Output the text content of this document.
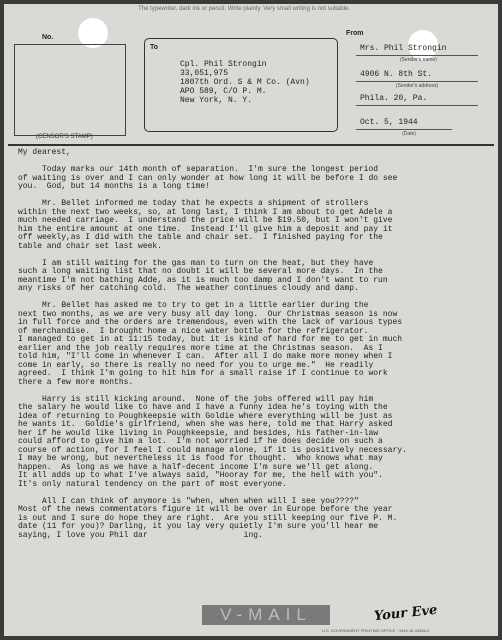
The typewriter, dark ink or pencil. Write plainly. Very small writing is not suitable.
No.
(CENSOR'S STAMP)
To
Cpl. Phil Strongin
33,051,975
1807th Ord. S & M Co. (Avn)
APO 589, C/O P. M.
New York, N. Y.
From
Mrs. Phil Strongin
(Sender's name)
4906 N. 8th St.
(Sender's address)
Phila. 20, Pa.
Oct. 5, 1944
(Date)
My dearest,
Today marks our 14th month of separation.  I'm sure the longest period
of waiting is over and I can only wonder at how long it will be before I do see
you.  God, but 14 months is a long time!
Mr. Bellet informed me today that he expects a shipment of strollers
within the next two weeks, so, at long last, I think I am about to get Adele a
much needed carriage.  I understand the price will be $19.50, but I won't give
him the entire amount at one time.  Instead I'll give him a deposit and pay it
off weekly,as I did with the table and chair set.  I finished paying for the
table and chair set last week.
I am still waiting for the gas man to turn on the heat, but they have
such a long waiting list that no doubt it will be several more days.  In the
meantime I'm not bathing Adde, as it is much too damp and I don't want to run
any risks of her catching cold.  The weather continues cloudy and damp.
Mr. Bellet has asked me to try to get in a little earlier during the
next two months, as we are very busy all day long.  Our Christmas season is now
in full force and the orders are tremendous, even with the lack of various types
of merchandise.  I brought home a nice water bottle for the refrigerator.
I managed to get in at 11:15 today, but it is kind of hard for me to get in much
earlier and the job really requires more time at the Christmas season.  As I
told him, "I'll come in whenever I can.  After all I do make more money when I
come in early, so there is really no need for you to urge me."  He readily
agreed.  I think I'm going to hit him for a small raise if I continue to work
there a few more months.
Harry is still kicking around.  None of the jobs offered will pay him
the salary he would like to have and I have a funny idea he's toying with the
idea of returning to Poughkeepsie with Goldie where everything will be just as
he wants it.  Goldie's girlfriend, when she was here, told me that Harry asked
her if he would like living in Poughkeepsie, and besides, his father-in-law
could afford to give him a lot.  I'm not worried if he does decide on such a
course of action, for I feel I could manage alone, if it is positively necessary.
I may be wrong, but nevertheless it is food for thought.  Who knows what may
happen.  As long as we have a half-decent income I'm sure we'll get along.
It all adds up to what I've always said, "Hooray for me, the hell with you".
It's only natural tendency on the part of most everyone.
All I can think of anymore is "when, when when will I see you????"
Most of the news commentators figure it will be over in Europe before the year
is out and I sure do hope they are right.  Are you still keeping our five P. M.
date (11 for you)? Darling, it you lay very quietly I'm sure you'll hear me
saying, I love you Phil dar                    ing.
V-MAIL	Your Eve
U.S. GOVERNMENT PRINTING OFFICE : 1943 16-33366-2
